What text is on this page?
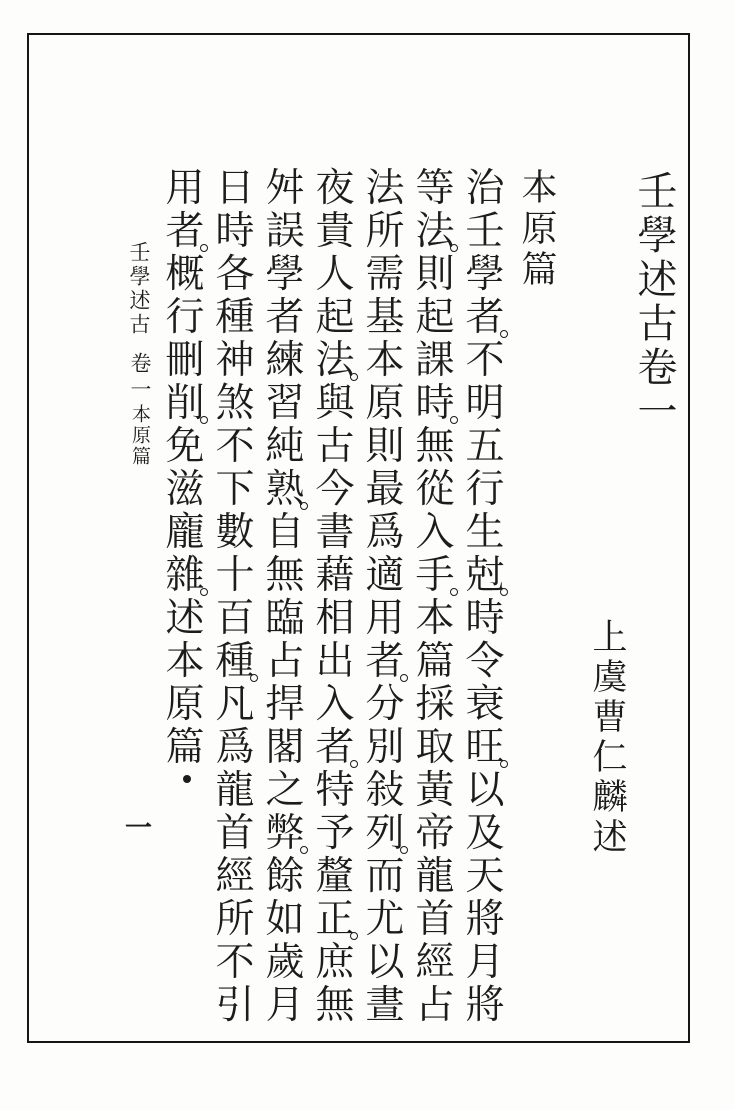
壬學述古卷一
上虞曹仁麟述
本原篇
治
壬
學
者
不
明
五
行
生
尅
時
令
衰
旺
以
及
天
將
月
將
等
法
則
起
課
時
無
從
入
手
本
篇
採
取
黃
帝
龍
首
經
占
法
所
需
基
本
原
則
最
爲
適
用
者
分
別
敍
列
而
尤
以
晝
夜
貴
人
起
法
與
古
今
書
藉
相
出
入
者
特
予
釐
正
庶
無
舛
誤
學
者
練
習
純
熟
自
無
臨
占
捍
閣
之
弊
餘
如
歲
月
日
時
各
種
神
煞
不
下
數
十
百
種
凡
爲
龍
首
經
所
不
引
用
者
概
行
刪
削
免
滋
龐
雜
述
本
原
篇
壬學述古
卷一
本原篇
一
